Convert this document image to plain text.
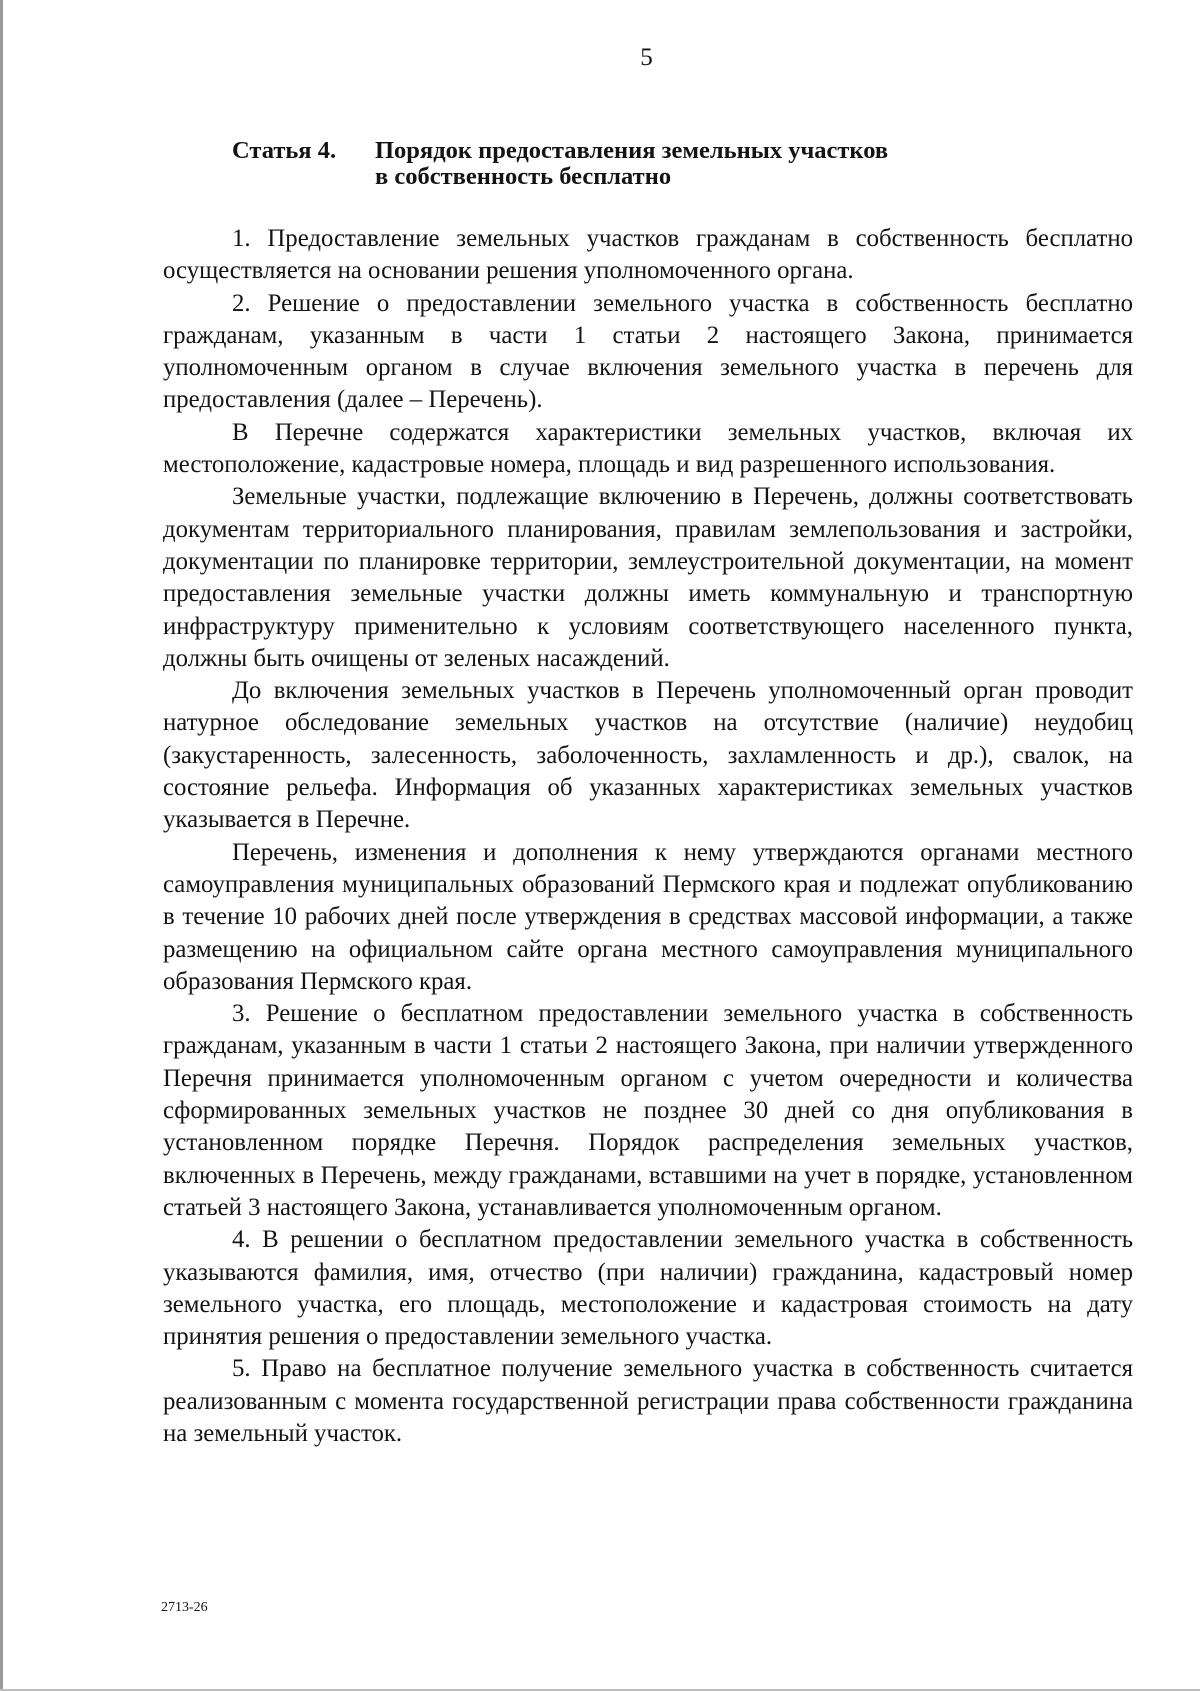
5
Статья 4. Порядок предоставления земельных участков
в собственность бесплатно

1. Предоставление земельных участков гражданам в собственность бесплатно осуществляется на основании решения уполномоченного органа.

2. Решение о предоставлении земельного участка в собственность бесплатно гражданам, указанным в части 1 статьи 2 настоящего Закона, принимается уполномоченным органом в случае включения земельного участка в перечень для предоставления (далее – Перечень).

В Перечне содержатся характеристики земельных участков, включая их местоположение, кадастровые номера, площадь и вид разрешенного использования.

Земельные участки, подлежащие включению в Перечень, должны соответствовать документам территориального планирования, правилам землепользования и застройки, документации по планировке территории, землеустроительной документации, на момент предоставления земельные участки должны иметь коммунальную и транспортную инфраструктуру применительно к условиям соответствующего населенного пункта, должны быть очищены от зеленых насаждений.

До включения земельных участков в Перечень уполномоченный орган проводит натурное обследование земельных участков на отсутствие (наличие) неудобиц (закустаренность, залесенность, заболоченность, захламленность и др.), свалок, на состояние рельефа. Информация об указанных характеристиках земельных участков указывается в Перечне.

Перечень, изменения и дополнения к нему утверждаются органами местного самоуправления муниципальных образований Пермского края и подлежат опубликованию в течение 10 рабочих дней после утверждения в средствах массовой информации, а также размещению на официальном сайте органа местного самоуправления муниципального образования Пермского края.

3. Решение о бесплатном предоставлении земельного участка в собственность гражданам, указанным в части 1 статьи 2 настоящего Закона, при наличии утвержденного Перечня принимается уполномоченным органом с учетом очередности и количества сформированных земельных участков не позднее 30 дней со дня опубликования в установленном порядке Перечня. Порядок распределения земельных участков, включенных в Перечень, между гражданами, вставшими на учет в порядке, установленном статьей 3 настоящего Закона, устанавливается уполномоченным органом.

4. В решении о бесплатном предоставлении земельного участка в собственность указываются фамилия, имя, отчество (при наличии) гражданина, кадастровый номер земельного участка, его площадь, местоположение и кадастровая стоимость на дату принятия решения о предоставлении земельного участка.

5. Право на бесплатное получение земельного участка в собственность считается реализованным с момента государственной регистрации права собственности гражданина на земельный участок.

2713-26
